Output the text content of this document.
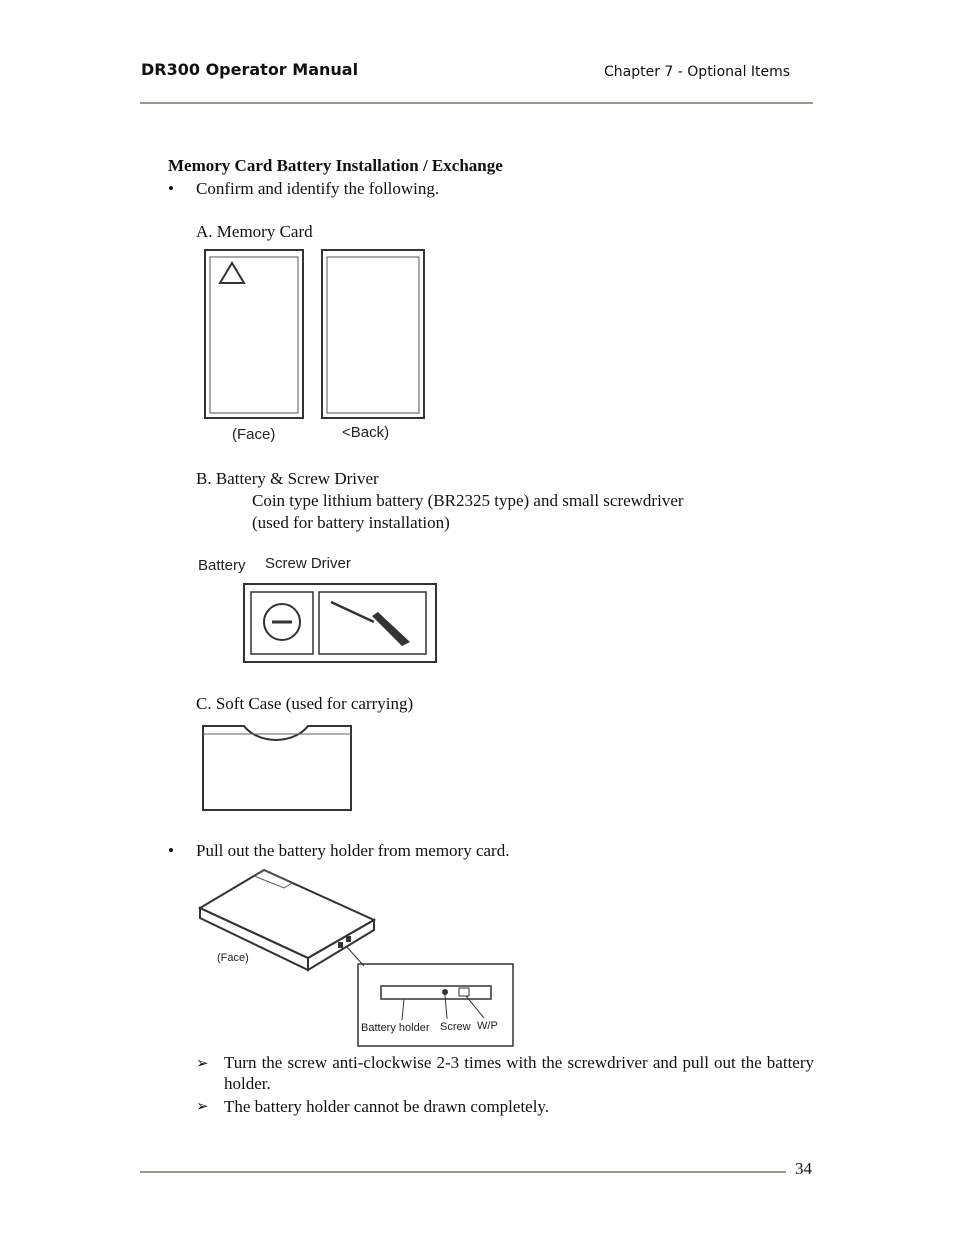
DR300 Operator Manual	Chapter 7 - Optional Items
Memory Card Battery Installation / Exchange
• Confirm and identify the following.
A. Memory Card
(Face)	<Back)
B. Battery & Screw Driver
Coin type lithium battery (BR2325 type) and small screwdriver
(used for battery installation)
Battery Screw Driver
C. Soft Case (used for carrying)
• Pull out the battery holder from memory card.
(Face)
Battery holder Screw W/P
➢ Turn the screw anti-clockwise 2-3 times with the screwdriver and pull out the battery holder.
➢ The battery holder cannot be drawn completely.
34
